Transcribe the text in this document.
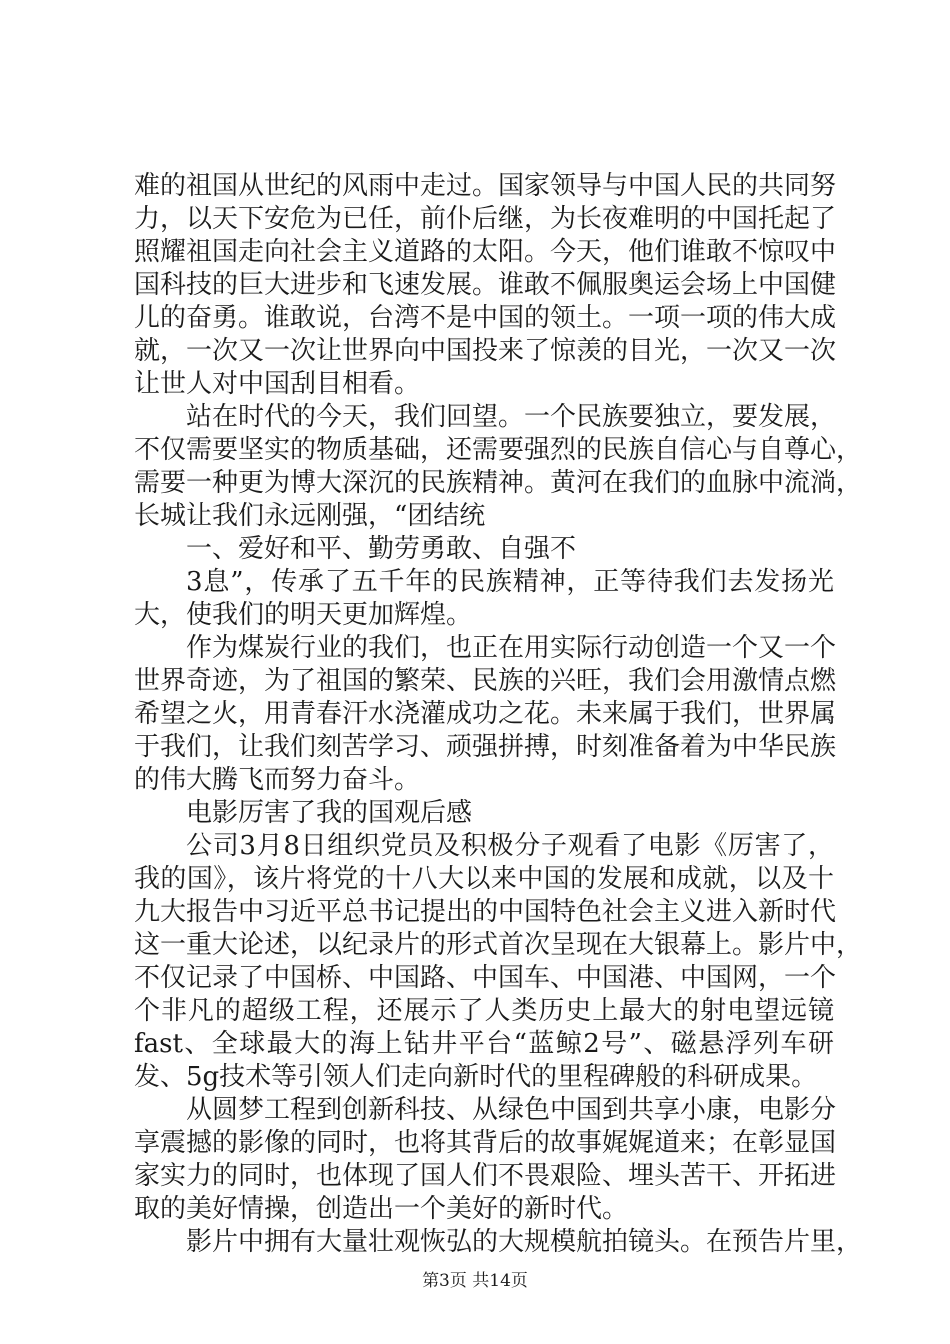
难的祖国从世纪的风雨中走过。国家领导与中国人民的共同努
力，以天下安危为已任，前仆后继，为长夜难明的中国托起了
照耀祖国走向社会主义道路的太阳。今天，他们谁敢不惊叹中
国科技的巨大进步和飞速发展。谁敢不佩服奥运会场上中国健
儿的奋勇。谁敢说，台湾不是中国的领土。一项一项的伟大成
就，一次又一次让世界向中国投来了惊羡的目光，一次又一次
让世人对中国刮目相看。
站在时代的今天，我们回望。一个民族要独立，要发展，
不仅需要坚实的物质基础，还需要强烈的民族自信心与自尊心，
需要一种更为博大深沉的民族精神。黄河在我们的血脉中流淌，
长城让我们永远刚强，“团结统
一、爱好和平、勤劳勇敢、自强不
3息”，传承了五千年的民族精神，正等待我们去发扬光
大，使我们的明天更加辉煌。
作为煤炭行业的我们，也正在用实际行动创造一个又一个
世界奇迹，为了祖国的繁荣、民族的兴旺，我们会用激情点燃
希望之火，用青春汗水浇灌成功之花。未来属于我们，世界属
于我们，让我们刻苦学习、顽强拼搏，时刻准备着为中华民族
的伟大腾飞而努力奋斗。
电影厉害了我的国观后感
公司3月8日组织党员及积极分子观看了电影《厉害了，
我的国》，该片将党的十八大以来中国的发展和成就，以及十
九大报告中习近平总书记提出的中国特色社会主义进入新时代
这一重大论述，以纪录片的形式首次呈现在大银幕上。影片中，
不仅记录了中国桥、中国路、中国车、中国港、中国网，一个
个非凡的超级工程，还展示了人类历史上最大的射电望远镜
fast、全球最大的海上钻井平台“蓝鲸2号”、磁悬浮列车研
发、5g技术等引领人们走向新时代的里程碑般的科研成果。
从圆梦工程到创新科技、从绿色中国到共享小康，电影分
享震撼的影像的同时，也将其背后的故事娓娓道来；在彰显国
家实力的同时，也体现了国人们不畏艰险、埋头苦干、开拓进
取的美好情操，创造出一个美好的新时代。
影片中拥有大量壮观恢弘的大规模航拍镜头。在预告片里，
第3页 共14页
